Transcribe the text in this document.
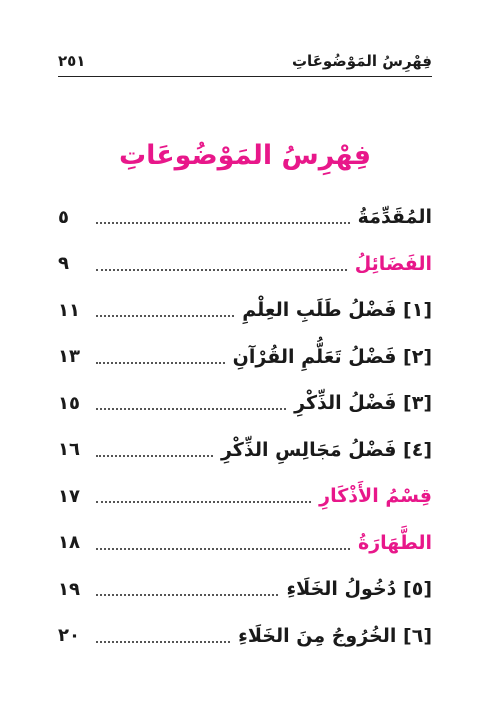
فِهْرِسُ المَوْضُوعَاتِ
٢٥١
فِهْرِسُ المَوْضُوعَاتِ
المُقَدِّمَةُ
٥
الفَضَائِلُ
٩
[١] فَضْلُ طَلَبِ العِلْمِ
١١
[٢] فَضْلُ تَعَلُّمِ القُرْآنِ
١٣
[٣] فَضْلُ الذِّكْرِ
١٥
[٤] فَضْلُ مَجَالِسِ الذِّكْرِ
١٦
قِسْمُ الأَذْكَارِ
١٧
الطَّهَارَةُ
١٨
[٥] دُخُولُ الخَلَاءِ
١٩
[٦] الخُرُوجُ مِنَ الخَلَاءِ
٢٠
